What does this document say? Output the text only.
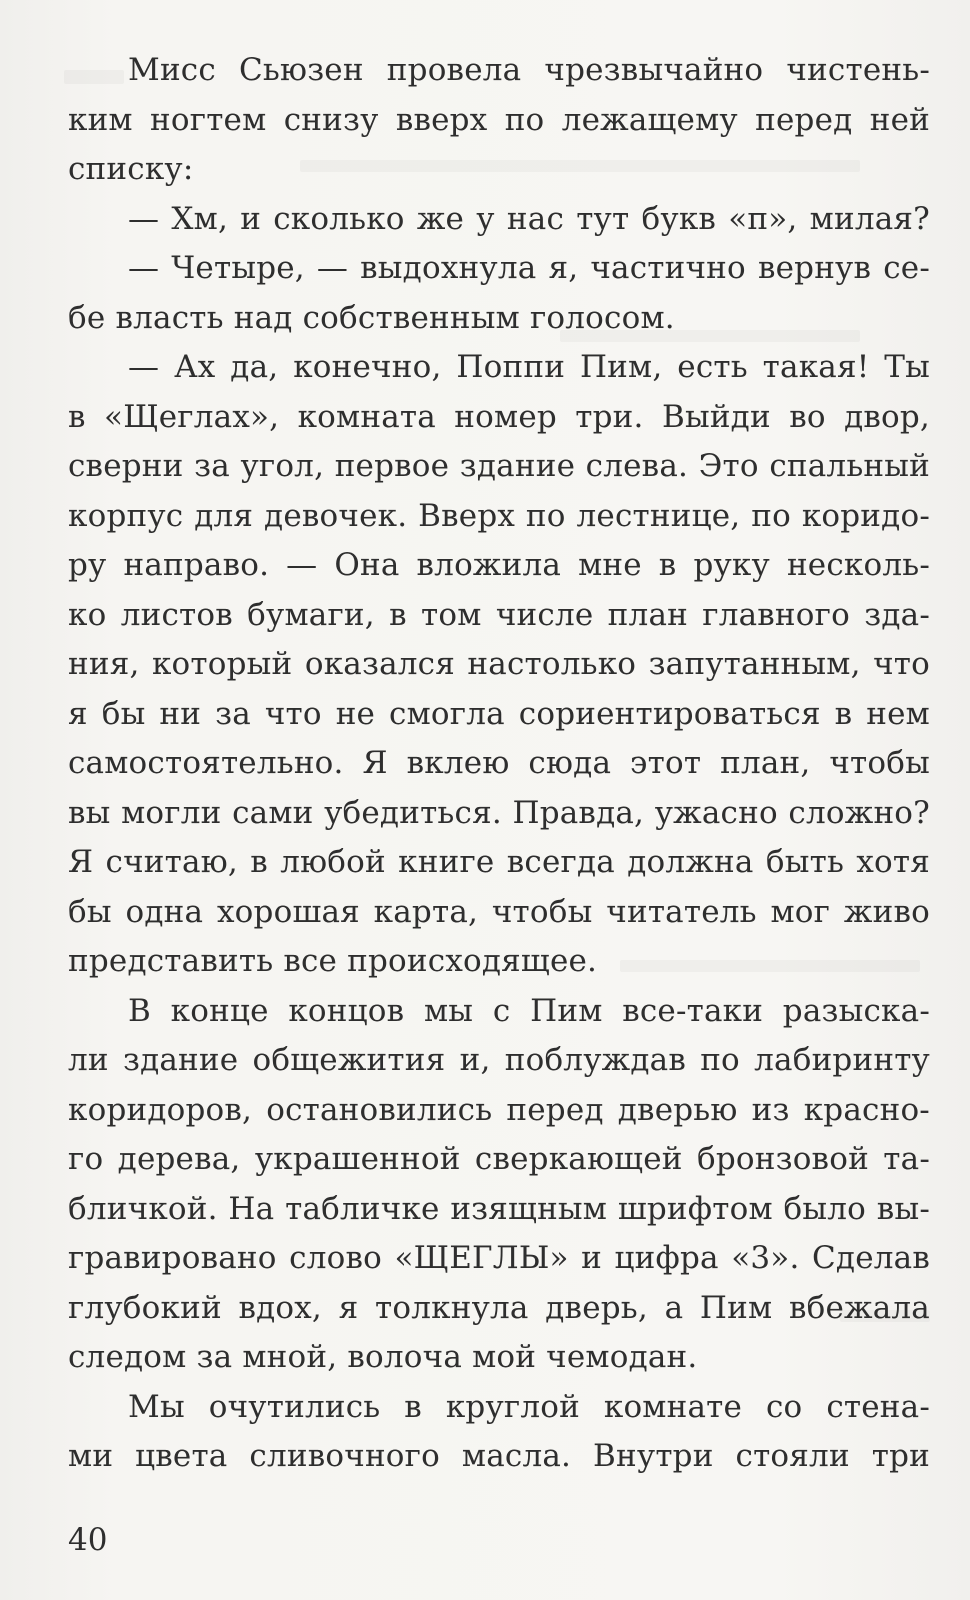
Мисс Сьюзен провела чрезвычайно чистень-
ким ногтем снизу вверх по лежащему перед ней
списку:
— Хм, и сколько же у нас тут букв «п», милая?
— Четыре, — выдохнула я, частично вернув се-
бе власть над собственным голосом.
— Ах да, конечно, Поппи Пим, есть такая! Ты
в «Щеглах», комната номер три. Выйди во двор,
сверни за угол, первое здание слева. Это спальный
корпус для девочек. Вверх по лестнице, по коридо-
ру направо. — Она вложила мне в руку несколь-
ко листов бумаги, в том числе план главного зда-
ния, который оказался настолько запутанным, что
я бы ни за что не смогла сориентироваться в нем
самостоятельно. Я вклею сюда этот план, чтобы
вы могли сами убедиться. Правда, ужасно сложно?
Я считаю, в любой книге всегда должна быть хотя
бы одна хорошая карта, чтобы читатель мог живо
представить все происходящее.
В конце концов мы с Пим все-таки разыска-
ли здание общежития и, поблуждав по лабиринту
коридоров, остановились перед дверью из красно-
го дерева, украшенной сверкающей бронзовой та-
бличкой. На табличке изящным шрифтом было вы-
гравировано слово «ЩЕГЛЫ» и цифра «3». Сделав
глубокий вдох, я толкнула дверь, а Пим вбежала
следом за мной, волоча мой чемодан.
Мы очутились в круглой комнате со стена-
ми цвета сливочного масла. Внутри стояли три
40
